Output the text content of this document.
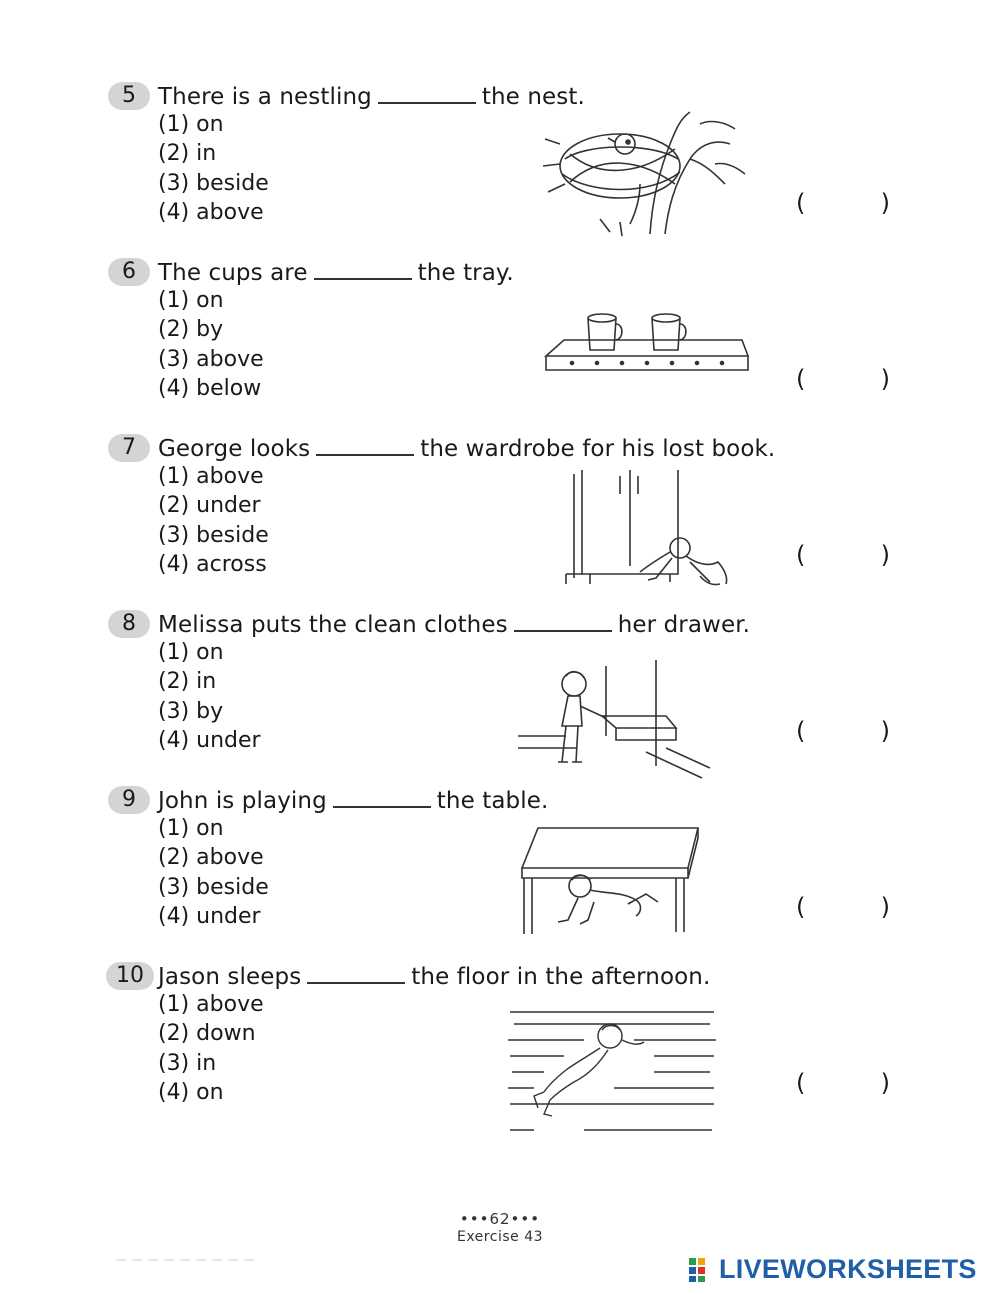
5 There is a nestling	the nest.
(1) on
(2) in
(3) beside
(4) above	(	)
6 The cups are	the tray.
(1) on
(2) by
(3) above
(4) below	(	)
7 George looks	the wardrobe for his lost book.
(1) above
(2) under
(3) beside
(4) across	(	)
8 Melissa puts the clean clothes	her drawer.
(1) on
(2) in
(3) by
(4) under	(	)
9 John is playing	the table.
(1) on
(2) above
(3) beside
(4) under	(	)
10 Jason sleeps	the floor in the afternoon.
(1) above
(2) down
(3) in
(4) on	(	)
•••62•••
Exercise 43
LIVEWORKSHEETS
